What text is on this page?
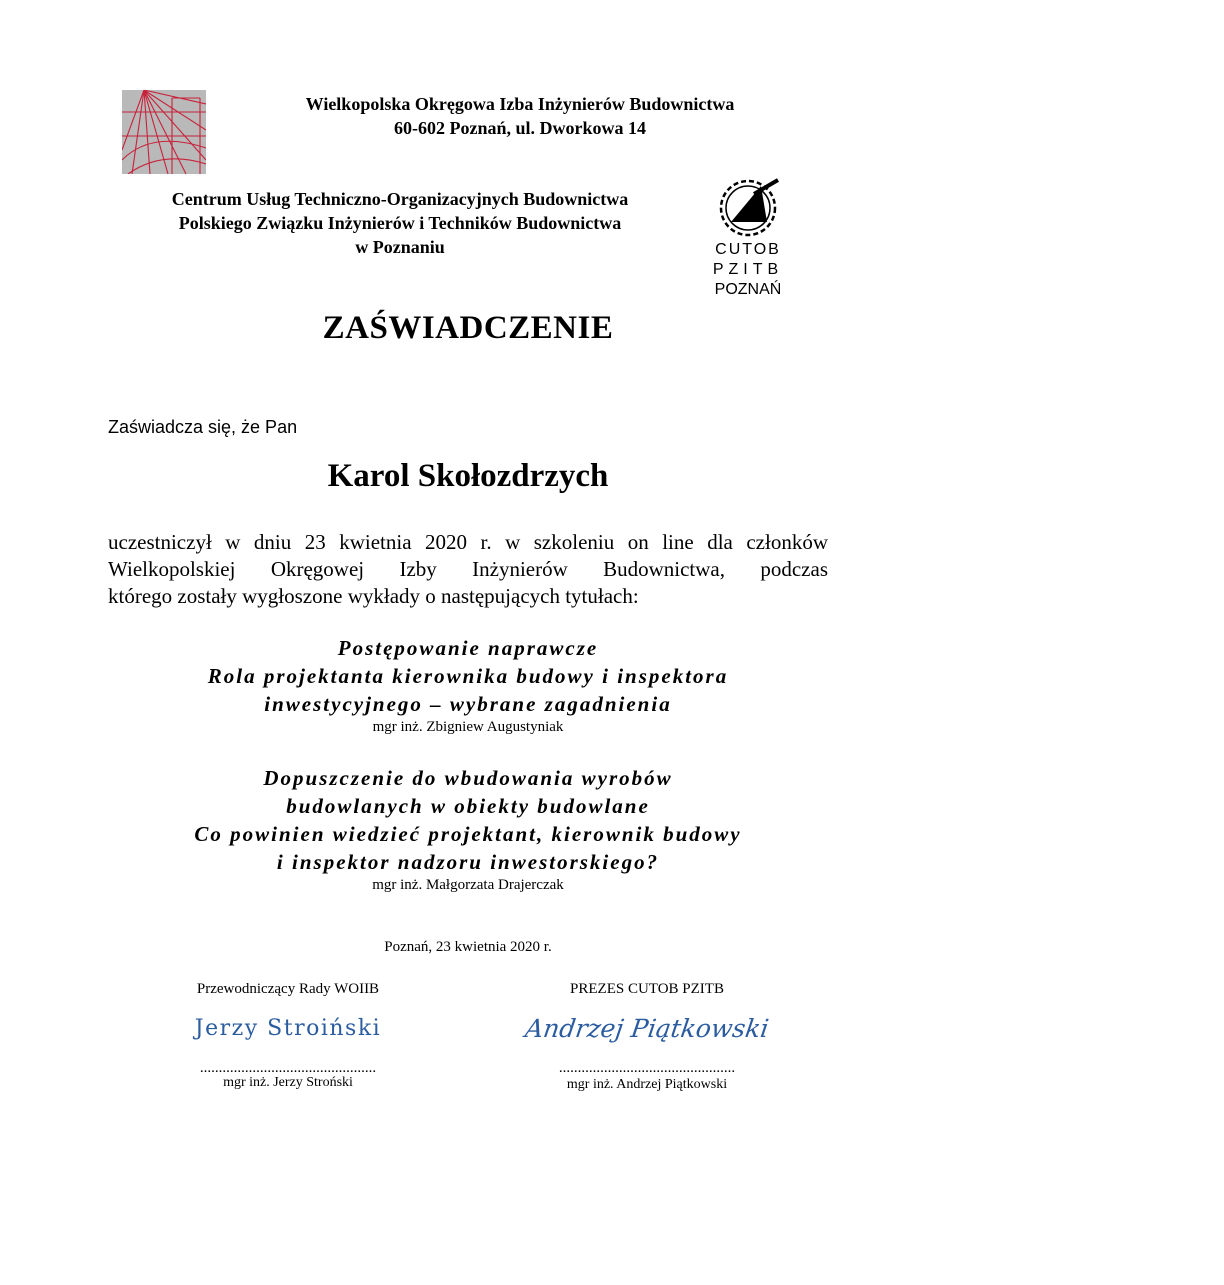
Wielkopolska Okręgowa Izba Inżynierów Budownictwa
60-602 Poznań, ul. Dworkowa 14
Centrum Usług Techniczno-Organizacyjnych Budownictwa
Polskiego Związku Inżynierów i Techników Budownictwa
w Poznaniu	CUTOB
PZITB
POZNAŃ
ZAŚWIADCZENIE
Zaświadcza się, że Pan
Karol Skołozdrzych
uczestniczył w dniu 23 kwietnia 2020 r. w szkoleniu on line dla członków
Wielkopolskiej Okręgowej Izby Inżynierów Budownictwa, podczas
którego zostały wygłoszone wykłady o następujących tytułach:
Postępowanie naprawcze
Rola projektanta kierownika budowy i inspektora
inwestycyjnego – wybrane zagadnienia
mgr inż. Zbigniew Augustyniak
Dopuszczenie do wbudowania wyrobów
budowlanych w obiekty budowlane
Co powinien wiedzieć projektant, kierownik budowy
i inspektor nadzoru inwestorskiego?
mgr inż. Małgorzata Drajerczak
Poznań, 23 kwietnia 2020 r.
Przewodniczący Rady WOIIB
Jerzy Stroiński
...............................................
mgr inż. Jerzy Stroński
PREZES CUTOB PZITB
Andrzej Piątkowski
...............................................
mgr inż. Andrzej Piątkowski
